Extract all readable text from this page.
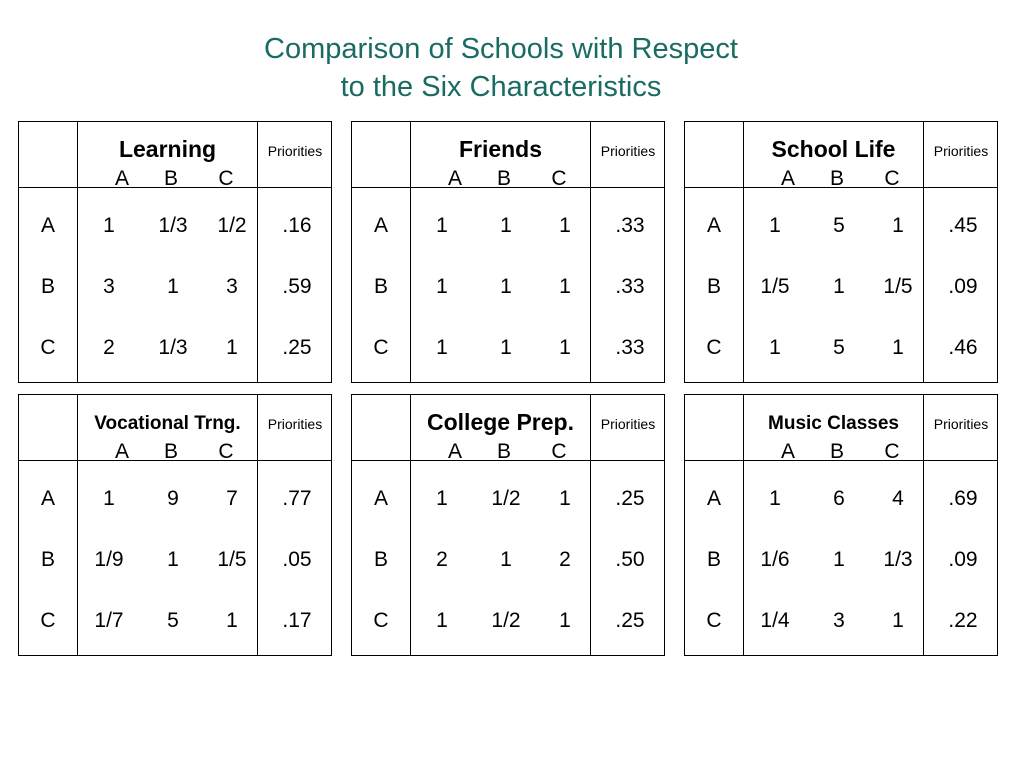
Comparison of Schools with Respect
to the Six Characteristics
Learning	Priorities
A	B	C
A	1	1/3	1/2	.16
B	3	1	3	.59
C	2	1/3	1	.25
Friends	Priorities
A	B	C
A	1	1	1	.33
B	1	1	1	.33
C	1	1	1	.33
School Life	Priorities
A	B	C
A	1	5	1	.45
B	1/5	1	1/5	.09
C	1	5	1	.46
Vocational Trng.	Priorities
A	B	C
A	1	9	7	.77
B	1/9	1	1/5	.05
C	1/7	5	1	.17
College Prep.	Priorities
A	B	C
A	1	1/2	1	.25
B	2	1	2	.50
C	1	1/2	1	.25
Music Classes	Priorities
A	B	C
A	1	6	4	.69
B	1/6	1	1/3	.09
C	1/4	3	1	.22
